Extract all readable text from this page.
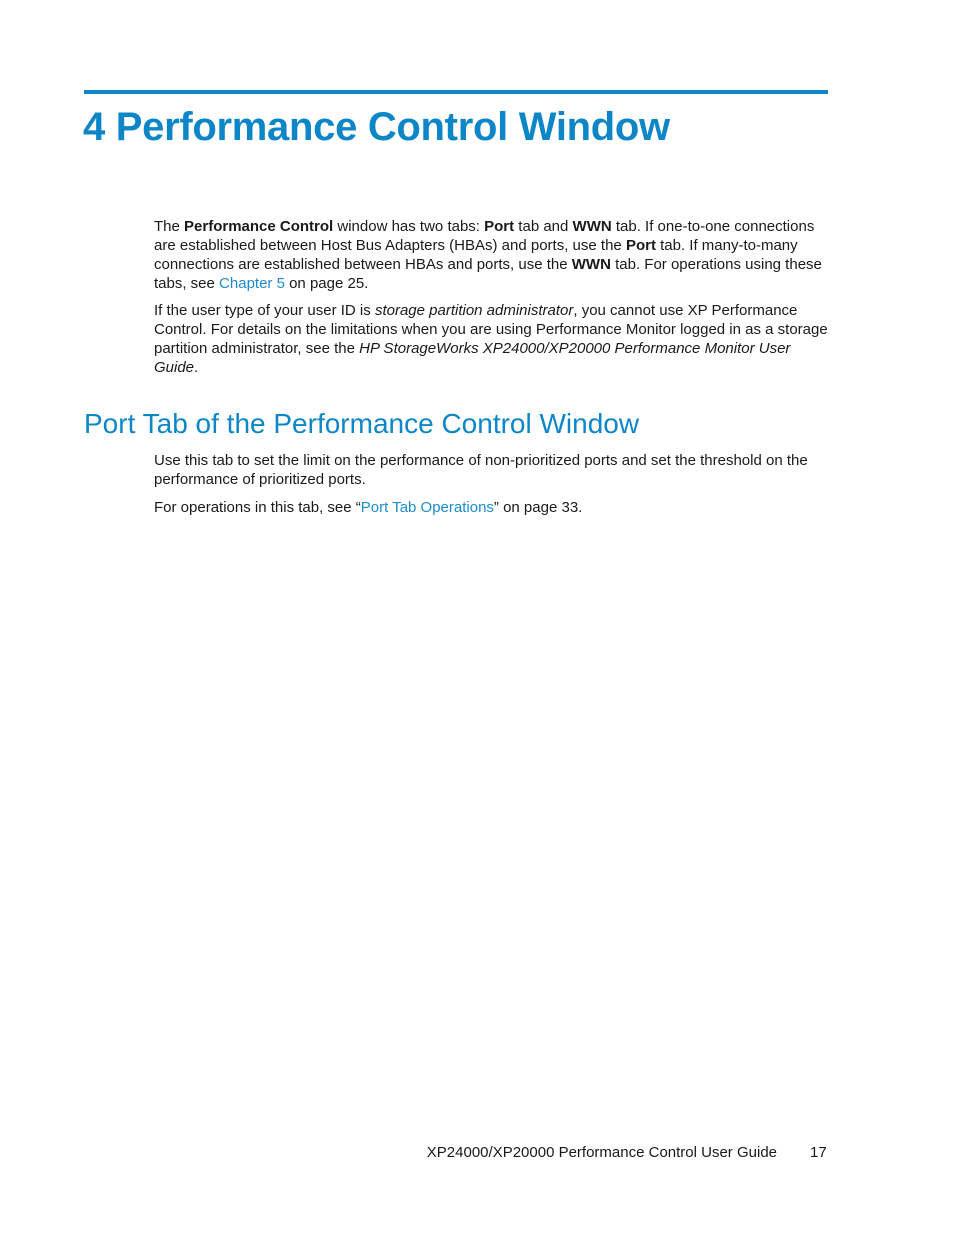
4 Performance Control Window

The Performance Control window has two tabs: Port tab and WWN tab. If one-to-one connections are established between Host Bus Adapters (HBAs) and ports, use the Port tab. If many-to-many connections are established between HBAs and ports, use the WWN tab. For operations using these tabs, see Chapter 5 on page 25.

If the user type of your user ID is storage partition administrator, you cannot use XP Performance Control. For details on the limitations when you are using Performance Monitor logged in as a storage partition administrator, see the HP StorageWorks XP24000/XP20000 Performance Monitor User Guide.

Port Tab of the Performance Control Window

Use this tab to set the limit on the performance of non-prioritized ports and set the threshold on the performance of prioritized ports.

For operations in this tab, see “Port Tab Operations” on page 33.

XP24000/XP20000 Performance Control User Guide 17
